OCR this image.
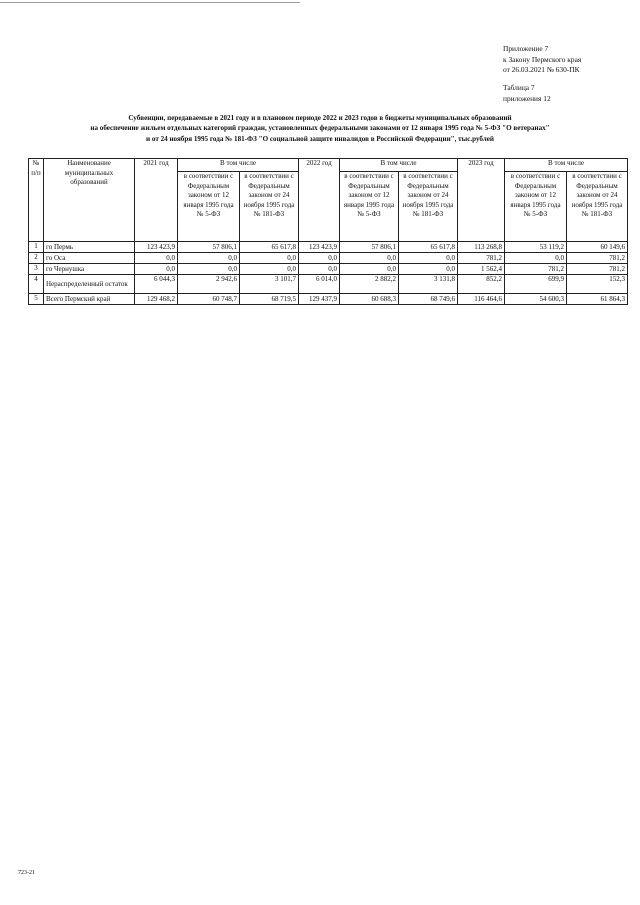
Приложение 7
к Закону Пермского края
от 26.03.2021 № 630-ПК
Таблица 7
приложения 12
Субвенции, передаваемые в 2021 году и в плановом периоде 2022 и 2023 годов в бюджеты муниципальных образований
на обеспечение жильем отдельных категорий граждан, установленных федеральными законами от 12 января 1995 года № 5-ФЗ "О ветеранах"
и от 24 ноября 1995 года № 181-ФЗ "О социальной защите инвалидов в Российской Федерации", тыс.рублей
№ п/п	Наименование муниципальных образований	2021 год	В том числе		2022 год	В том числе		2023 год	В том числе	
			в соответствии с Федеральным законом от 12 января 1995 года № 5-ФЗ	в соответствии с Федеральным законом от 24 ноября 1995 года № 181-ФЗ		в соответствии с Федеральным законом от 12 января 1995 года № 5-ФЗ	в соответствии с Федеральным законом от 24 ноября 1995 года № 181-ФЗ		в соответствии с Федеральным законом от 12 января 1995 года № 5-ФЗ	в соответствии с Федеральным законом от 24 ноября 1995 года № 181-ФЗ
1	го Пермь	123 423,9	57 806,1	65 617,8	123 423,9	57 806,1	65 617,8	113 268,8	53 119,2	60 149,6
2	го Оса	0,0	0,0	0,0	0,0	0,0	0,0	781,2	0,0	781,2
3	го Чернушка	0,0	0,0	0,0	0,0	0,0	0,0	1 562,4	781,2	781,2
4	Нераспределенный остаток	6 044,3	2 942,6	3 101,7	6 014,0	2 882,2	3 131,8	852,2	699,9	152,3
5	Всего Пермский край	129 468,2	60 748,7	68 719,5	129 437,9	60 688,3	68 749,6	116 464,6	54 600,3	61 864,3
723-21
